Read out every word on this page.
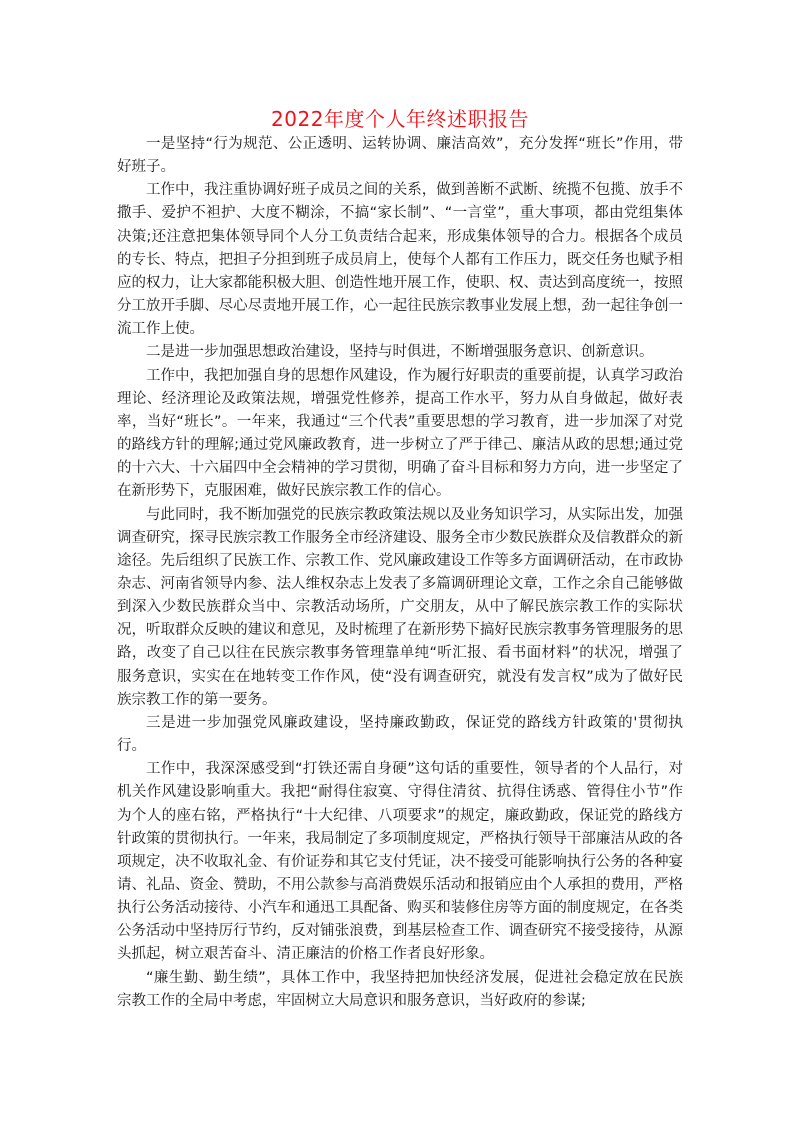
2022年度个人年终述职报告

一是坚持“行为规范、公正透明、运转协调、廉洁高效”，充分发挥“班长”作用，带好班子。

工作中，我注重协调好班子成员之间的关系，做到善断不武断、统揽不包揽、放手不撒手、爱护不袒护、大度不糊涂，不搞“家长制”、“一言堂”，重大事项，都由党组集体决策;还注意把集体领导同个人分工负责结合起来，形成集体领导的合力。根据各个成员的专长、特点，把担子分担到班子成员肩上，使每个人都有工作压力，既交任务也赋予相应的权力，让大家都能积极大胆、创造性地开展工作，使职、权、责达到高度统一，按照分工放开手脚、尽心尽责地开展工作，心一起往民族宗教事业发展上想，劲一起往争创一流工作上使。

二是进一步加强思想政治建设，坚持与时俱进，不断增强服务意识、创新意识。

工作中，我把加强自身的思想作风建设，作为履行好职责的重要前提，认真学习政治理论、经济理论及政策法规，增强党性修养，提高工作水平，努力从自身做起，做好表率，当好“班长”。一年来，我通过“三个代表”重要思想的学习教育，进一步加深了对党的路线方针的理解;通过党风廉政教育，进一步树立了严于律己、廉洁从政的思想;通过党的十六大、十六届四中全会精神的学习贯彻，明确了奋斗目标和努力方向，进一步坚定了在新形势下，克服困难，做好民族宗教工作的信心。

与此同时，我不断加强党的民族宗教政策法规以及业务知识学习，从实际出发，加强调查研究，探寻民族宗教工作服务全市经济建设、服务全市少数民族群众及信教群众的新途径。先后组织了民族工作、宗教工作、党风廉政建设工作等多方面调研活动，在市政协杂志、河南省领导内参、法人维权杂志上发表了多篇调研理论文章，工作之余自己能够做到深入少数民族群众当中、宗教活动场所，广交朋友，从中了解民族宗教工作的实际状况，听取群众反映的建议和意见，及时梳理了在新形势下搞好民族宗教事务管理服务的思路，改变了自己以往在民族宗教事务管理靠单纯“听汇报、看书面材料”的状况，增强了服务意识，实实在在地转变工作作风，使“没有调查研究，就没有发言权”成为了做好民族宗教工作的第一要务。

三是进一步加强党风廉政建设，坚持廉政勤政，保证党的路线方针政策的'贯彻执行。

工作中，我深深感受到“打铁还需自身硬”这句话的重要性，领导者的个人品行，对机关作风建设影响重大。我把“耐得住寂寞、守得住清贫、抗得住诱惑、管得住小节”作为个人的座右铭，严格执行“十大纪律、八项要求”的规定，廉政勤政，保证党的路线方针政策的贯彻执行。一年来，我局制定了多项制度规定，严格执行领导干部廉洁从政的各项规定，决不收取礼金、有价证券和其它支付凭证，决不接受可能影响执行公务的各种宴请、礼品、资金、赞助，不用公款参与高消费娱乐活动和报销应由个人承担的费用，严格执行公务活动接待、小汽车和通迅工具配备、购买和装修住房等方面的制度规定，在各类公务活动中坚持厉行节约，反对铺张浪费，到基层检查工作、调查研究不接受接待，从源头抓起，树立艰苦奋斗、清正廉洁的价格工作者良好形象。

“廉生勤、勤生绩”，具体工作中，我坚持把加快经济发展，促进社会稳定放在民族宗教工作的全局中考虑，牢固树立大局意识和服务意识，当好政府的参谋;
